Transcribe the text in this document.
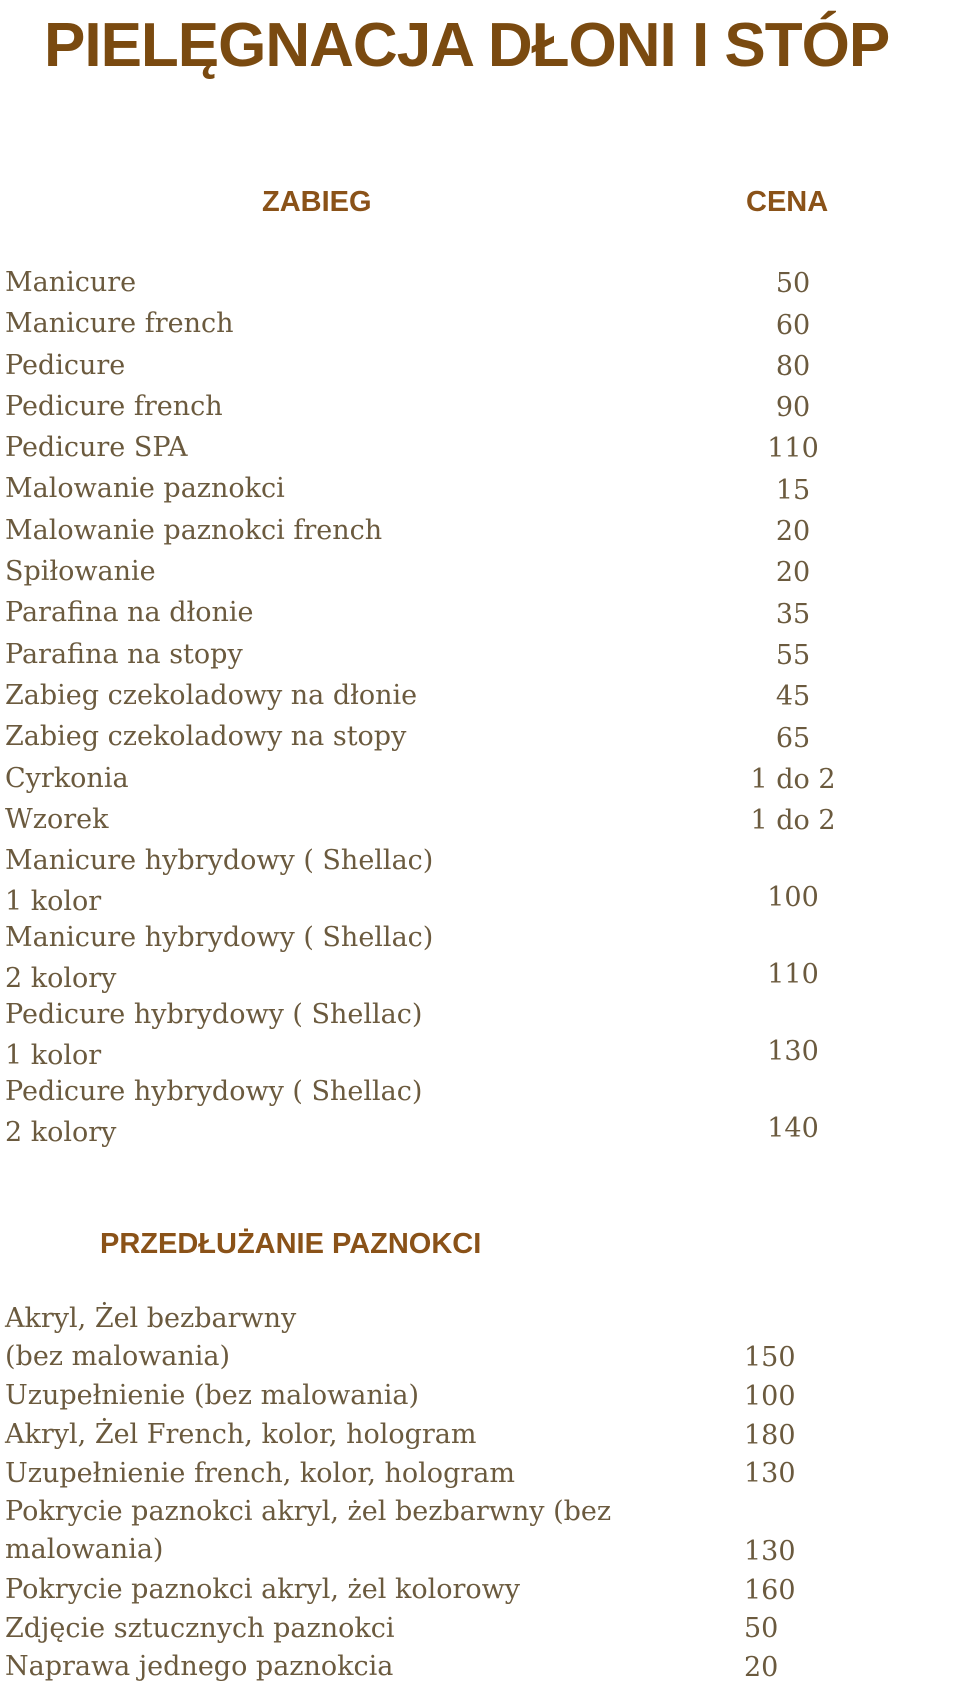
PIELĘGNACJA DŁONI I STÓP
ZABIEG	CENA
Manicure	50
Manicure french	60
Pedicure	80
Pedicure french	90
Pedicure SPA	110
Malowanie paznokci	15
Malowanie paznokci french	20
Spiłowanie	20
Parafina na dłonie	35
Parafina na stopy	55
Zabieg czekoladowy na dłonie	45
Zabieg czekoladowy na stopy	65
Cyrkonia	1 do 2
Wzorek	1 do 2
Manicure hybrydowy ( Shellac)
1 kolor	100
Manicure hybrydowy ( Shellac)
2 kolory	110
Pedicure hybrydowy ( Shellac)
1 kolor	130
Pedicure hybrydowy ( Shellac)
2 kolory	140
PRZEDŁUŻANIE PAZNOKCI
Akryl, Żel bezbarwny
(bez malowania)	150
Uzupełnienie (bez malowania)	100
Akryl, Żel French, kolor, hologram	180
Uzupełnienie french, kolor, hologram	130
Pokrycie paznokci akryl, żel bezbarwny (bez
malowania)	130
Pokrycie paznokci akryl, żel kolorowy	160
Zdjęcie sztucznych paznokci	50
Naprawa jednego paznokcia	20
